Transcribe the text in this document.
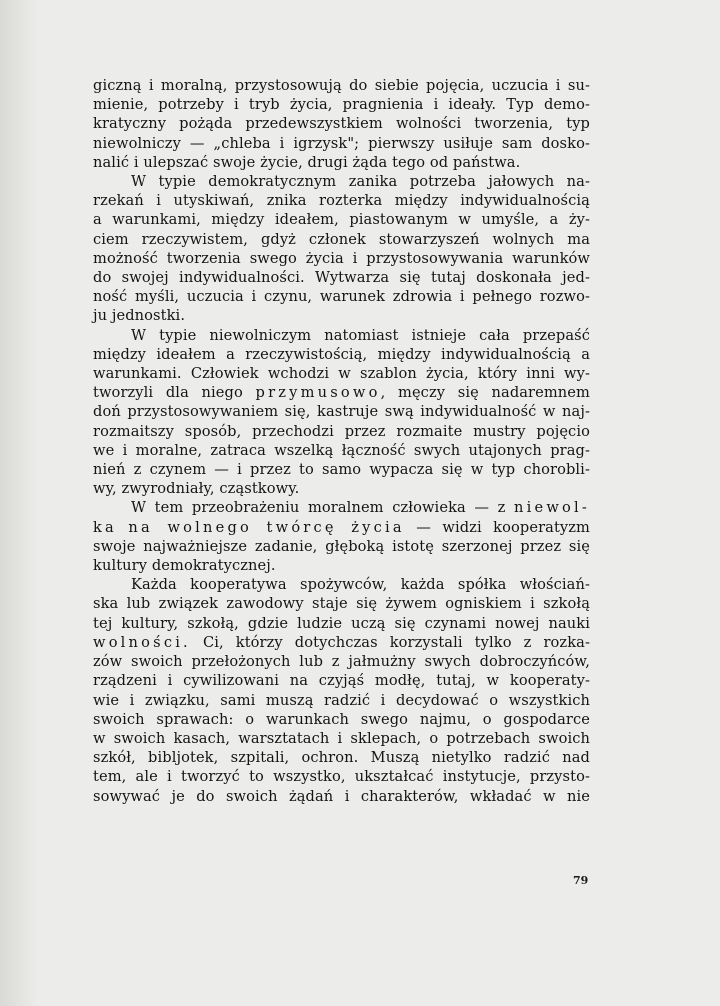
giczną i moralną, przystosowują do siebie pojęcia, uczucia i su-
mienie, potrzeby i tryb życia, pragnienia i ideały. Typ demo-
kratyczny pożąda przedewszystkiem wolności tworzenia, typ
niewolniczy — „chleba i igrzysk"; pierwszy usiłuje sam dosko-
nalić i ulepszać swoje życie, drugi żąda tego od państwa.

W typie demokratycznym zanika potrzeba jałowych na-
rzekań i utyskiwań, znika rozterka między indywidualnością
a warunkami, między ideałem, piastowanym w umyśle, a ży-
ciem rzeczywistem, gdyż członek stowarzyszeń wolnych ma
możność tworzenia swego życia i przystosowywania warunków
do swojej indywidualności. Wytwarza się tutaj doskonała jed-
ność myśli, uczucia i czynu, warunek zdrowia i pełnego rozwo-
ju jednostki.

W typie niewolniczym natomiast istnieje cała przepaść
między ideałem a rzeczywistością, między indywidualnością a
warunkami. Człowiek wchodzi w szablon życia, który inni wy-
tworzyli dla niego przymusowo, męczy się nadaremnem
doń przystosowywaniem się, kastruje swą indywidualność w naj-
rozmaitszy sposób, przechodzi przez rozmaite mustry pojęcio
we i moralne, zatraca wszelką łączność swych utajonych prag-
nień z czynem — i przez to samo wypacza się w typ chorobli-
wy, zwyrodniały, cząstkowy.

W tem przeobrażeniu moralnem człowieka — z niewol-
ka na wolnego twórcę życia — widzi kooperatyzm
swoje najważniejsze zadanie, głęboką istotę szerzonej przez się
kultury demokratycznej.

Każda kooperatywa spożywców, każda spółka włościań-
ska lub związek zawodowy staje się żywem ogniskiem i szkołą
tej kultury, szkołą, gdzie ludzie uczą się czynami nowej nauki
wolności. Ci, którzy dotychczas korzystali tylko z rozka-
zów swoich przełożonych lub z jałmużny swych dobroczyńców,
rządzeni i cywilizowani na czyjąś modłę, tutaj, w kooperaty-
wie i związku, sami muszą radzić i decydować o wszystkich
swoich sprawach: o warunkach swego najmu, o gospodarce
w swoich kasach, warsztatach i sklepach, o potrzebach swoich
szkół, bibljotek, szpitali, ochron. Muszą nietylko radzić nad
tem, ale i tworzyć to wszystko, ukształcać instytucje, przysto-
sowywać je do swoich żądań i charakterów, wkładać w nie

79
